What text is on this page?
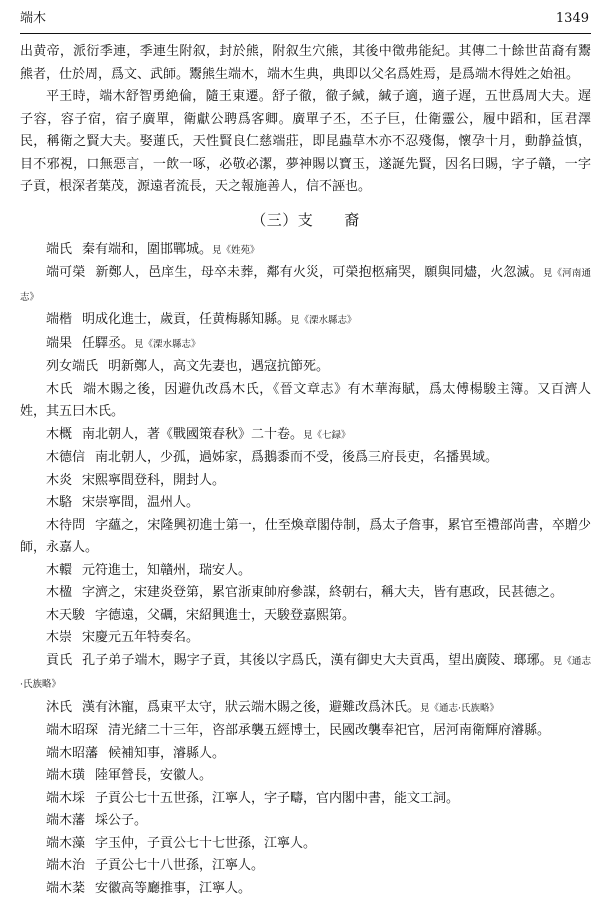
端木	1349

出黄帝，派衍季連，季連生附叙，封於熊，附叙生穴熊，其後中徵弗能紀。其傳二十餘世苗裔有鬻熊者，仕於周，爲文、武師。鬻熊生端木，端木生典，典即以父名爲姓焉，是爲端木得姓之始祖。

平王時，端木舒智勇絶倫，隨王東遷。舒子徹，徹子緘，緘子適，適子遅，五世爲周大夫。遅子容，容子宿，宿子廣單，衛獻公聘爲客卿。廣單子丕，丕子巨，仕衛靈公，履中蹈和，匡君澤民，稱衛之賢大夫。娶蓮氏，天性賢良仁慈端莊，即昆蟲草木亦不忍殘傷，懷孕十月，動静益慎，目不邪視，口無惡言，一飲一啄，必敬必潔，夢神賜以寶玉，遂誕先賢，因名曰賜，字子贛，一字子貢，根深者葉茂，源遠者流長，天之報施善人，信不誣也。

（三）支　　裔

端氏 秦有端和，圍邯鄲城。見《姓苑》

端可榮 新鄭人，邑庠生，母卒未葬，鄰有火災，可榮抱柩痛哭，願與同燼，火忽滅。見《河南通志》

端楷 明成化進士，歲貢，任黄梅縣知縣。見《溧水縣志》

端果 任驛丞。見《溧水縣志》

列女端氏 明新鄭人，高文先妻也，遇寇抗節死。

木氏 端木賜之後，因避仇改爲木氏，《晉文章志》有木華海賦，爲太傅楊駿主簿。又百濟人姓，其五曰木氏。

木概 南北朝人，著《戰國策春秋》二十卷。見《七録》

木德信 南北朝人，少孤，過姊家，爲鵝黍而不受，後爲三府長吏，名播異域。

木炎 宋熙寧間登科，開封人。

木駱 宋崇寧間，温州人。

木待問 字蘊之，宋隆興初進士第一，仕至煥章閣侍制，爲太子詹事，累官至禮部尚書，卒贈少師，永嘉人。

木轘 元符進士，知贛州，瑞安人。

木楹 字濟之，宋建炎登第，累官浙東帥府參謀，終朝右，稱大夫，皆有惠政，民甚德之。

木天駿 字德遠，父礪，宋紹興進士，天駿登嘉熙第。

木崇 宋慶元五年特奏名。

貢氏 孔子弟子端木，賜字子貢，其後以字爲氏，漢有御史大夫貢禹，望出廣陵、瑯琊。見《通志·氏族略》

沐氏 漢有沐寵，爲東平太守，狀云端木賜之後，避難改爲沐氏。見《通志·氏族略》

端木昭琛 清光緒二十三年，咨部承襲五經博士，民國改襲奉祀官，居河南衛輝府濬縣。

端木昭藩 候補知事，濬縣人。

端木璜 陸軍營長，安徽人。

端木埰 子貢公七十五世孫，江寧人，字子疇，官内閣中書，能文工詞。

端木藩 埰公子。

端木藻 字玉仲，子貢公七十七世孫，江寧人。

端木治 子貢公七十八世孫，江寧人。

端木棻 安徽高等廳推事，江寧人。
